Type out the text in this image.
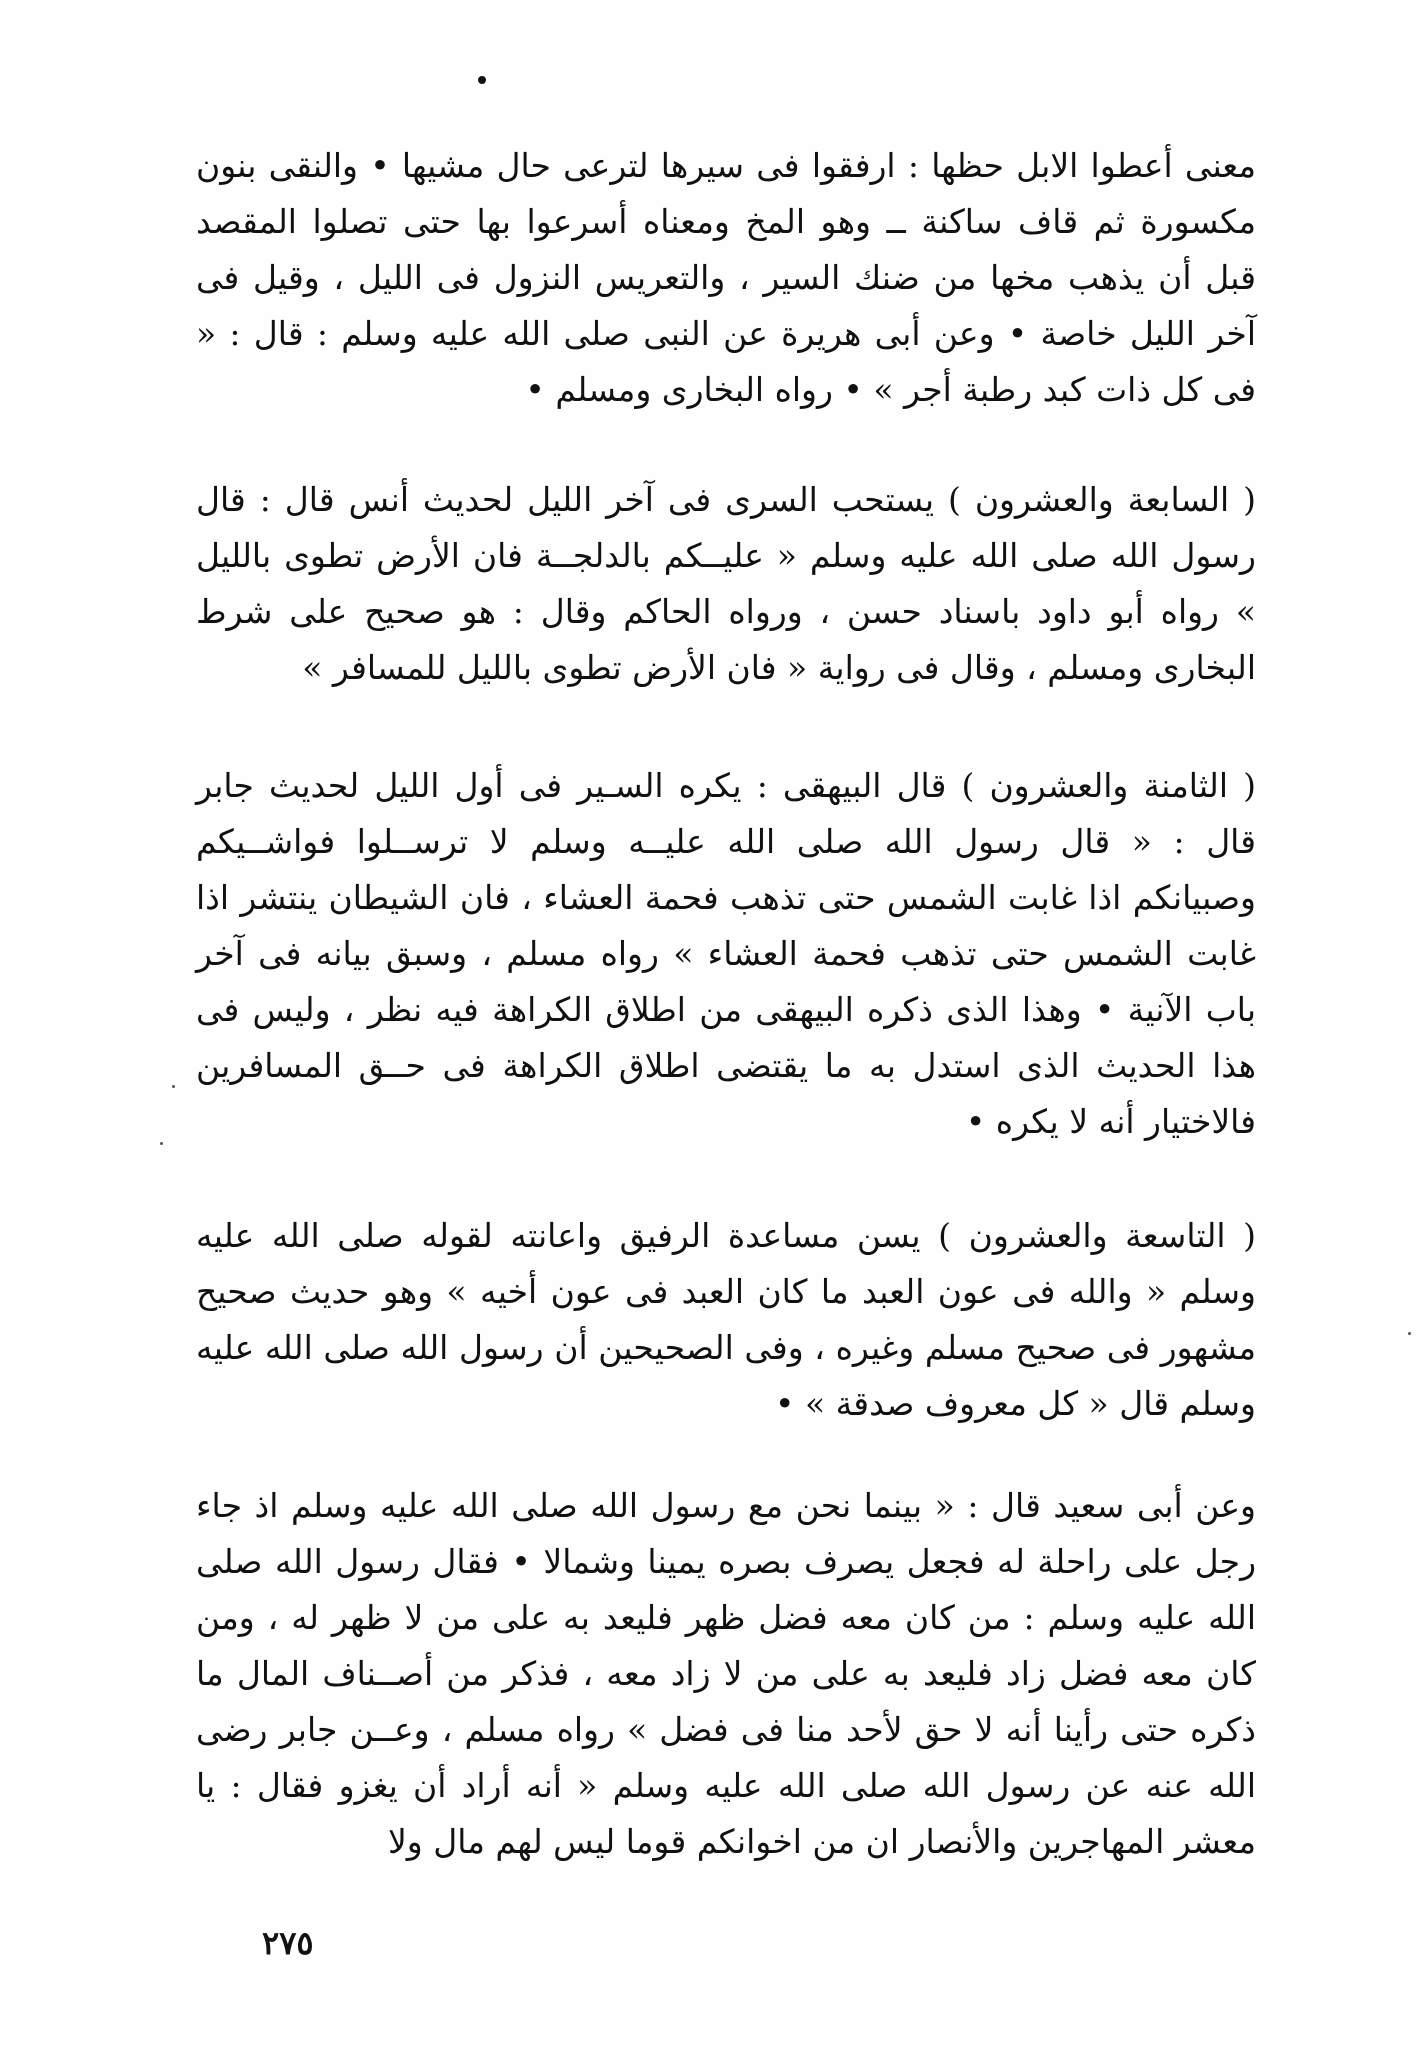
معنى أعطوا الابل حظها : ارفقوا فى سيرها لترعى حال مشيها • والنقى بنون مكسورة ثم قاف ساكنة ــ وهو المخ ومعناه أسرعوا بها حتى تصلوا المقصد قبل أن يذهب مخها من ضنك السير ، والتعريس النزول فى الليل ، وقيل فى آخر الليل خاصة • وعن أبى هريرة عن النبى صلى الله عليه وسلم : قال : « فى كل ذات كبد رطبة أجر » • رواه البخارى ومسلم •

( السابعة والعشرون ) يستحب السرى فى آخر الليل لحديث أنس قال : قال رسول الله صلى الله عليه وسلم « عليــكم بالدلجــة فان الأرض تطوى بالليل » رواه أبو داود باسناد حسن ، ورواه الحاكم وقال : هو صحيح على شرط البخارى ومسلم ، وقال فى رواية « فان الأرض تطوى بالليل للمسافر »

( الثامنة والعشرون ) قال البيهقى : يكره السـير فى أول الليل لحديث جابر قال : « قال رسول الله صلى الله عليــه وسلم لا ترســلوا فواشــيكم وصبيانكم اذا غابت الشمس حتى تذهب فحمة العشاء ، فان الشيطان ينتشر اذا غابت الشمس حتى تذهب فحمة العشاء » رواه مسلم ، وسبق بيانه فى آخر باب الآنية • وهذا الذى ذكره البيهقى من اطلاق الكراهة فيه نظر ، وليس فى هذا الحديث الذى استدل به ما يقتضى اطلاق الكراهة فى حــق المسافرين فالاختيار أنه لا يكره •

( التاسعة والعشرون ) يسن مساعدة الرفيق واعانته لقوله صلى الله عليه وسلم « والله فى عون العبد ما كان العبد فى عون أخيه » وهو حديث صحيح مشهور فى صحيح مسلم وغيره ، وفى الصحيحين أن رسول الله صلى الله عليه وسلم قال « كل معروف صدقة » •

وعن أبى سعيد قال : « بينما نحن مع رسول الله صلى الله عليه وسلم اذ جاء رجل على راحلة له فجعل يصرف بصره يمينا وشمالا • فقال رسول الله صلى الله عليه وسلم : من كان معه فضل ظهر فليعد به على من لا ظهر له ، ومن كان معه فضل زاد فليعد به على من لا زاد معه ، فذكر من أصــناف المال ما ذكره حتى رأينا أنه لا حق لأحد منا فى فضل » رواه مسلم ، وعــن جابر رضى الله عنه عن رسول الله صلى الله عليه وسلم « أنه أراد أن يغزو فقال : يا معشر المهاجرين والأنصار ان من اخوانكم قوما ليس لهم مال ولا

٢٧٥
